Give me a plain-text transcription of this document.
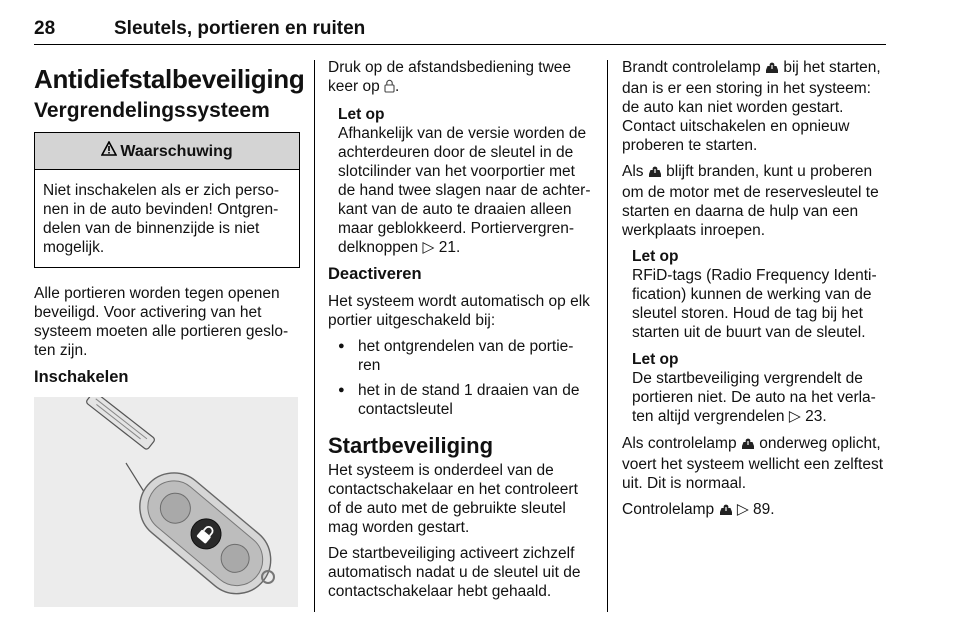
28	Sleutels, portieren en ruiten
Antidiefstalbeveiliging
Vergrendelingssysteem
Waarschuwing
Niet inschakelen als er zich perso-nen in de auto bevinden! Ontgren-delen van de binnenzijde is niet mogelijk.

Alle portieren worden tegen openen beveiligd. Voor activering van het systeem moeten alle portieren geslo-ten zijn.

Inschakelen

Druk op de afstandsbediening twee keer op .

Let op
Afhankelijk van de versie worden de achterdeuren door de sleutel in de slotcilinder van het voorportier met de hand twee slagen naar de achter-kant van de auto te draaien alleen maar geblokkeerd. Portiervergren-delknoppen ▷ 21.
Deactiveren

Het systeem wordt automatisch op elk portier uitgeschakeld bij:

● het ontgrendelen van de portie-ren
● het in de stand 1 draaien van de contactsleutel
Startbeveiliging

Het systeem is onderdeel van de contactschakelaar en het controleert of de auto met de gebruikte sleutel mag worden gestart.

De startbeveiliging activeert zichzelf automatisch nadat u de sleutel uit de contactschakelaar hebt gehaald.

Brandt controlelamp bij het starten, dan is er een storing in het systeem: de auto kan niet worden gestart. Contact uitschakelen en opnieuw proberen te starten.

Als blijft branden, kunt u proberen om de motor met de reservesleutel te starten en daarna de hulp van een werkplaats inroepen.

Let op
RFiD-tags (Radio Frequency Identi-fication) kunnen de werking van de sleutel storen. Houd de tag bij het starten uit de buurt van de sleutel.
Let op
De startbeveiliging vergrendelt de portieren niet. De auto na het verla-ten altijd vergrendelen ▷ 23.

Als controlelamp onderweg oplicht, voert het systeem wellicht een zelftest uit. Dit is normaal.

Controlelamp ▷ 89.
